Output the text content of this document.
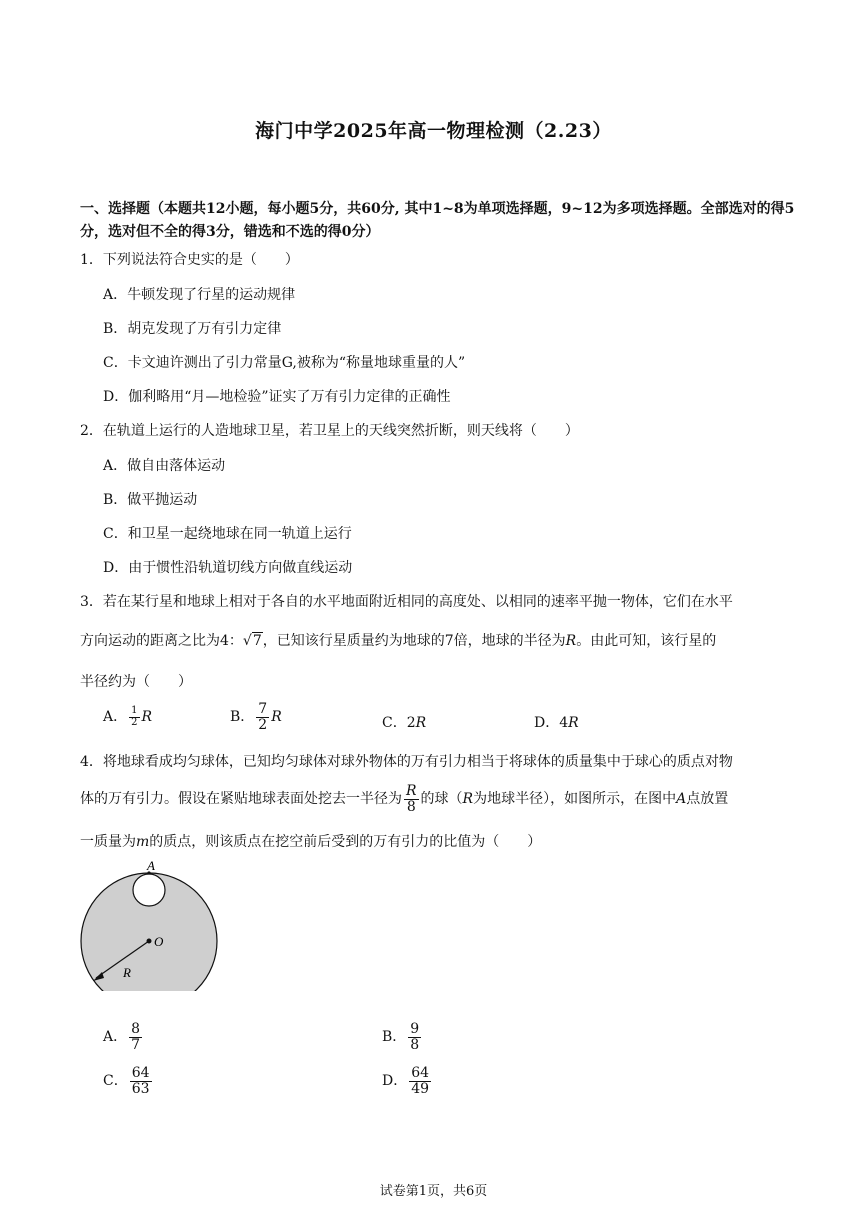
海门中学2025年高一物理检测（2.23）
一、选择题（本题共12小题，每小题5分，共60分, 其中1~8为单项选择题，9~12为多项选择题。全部选对的得5分，选对但不全的得3分，错选和不选的得0分）
1．下列说法符合史实的是（　　）
A．牛顿发现了行星的运动规律
B．胡克发现了万有引力定律
C．卡文迪许测出了引力常量G,被称为“称量地球重量的人”
D．伽利略用“月—地检验”证实了万有引力定律的正确性
2．在轨道上运行的人造地球卫星，若卫星上的天线突然折断，则天线将（　　）
A．做自由落体运动
B．做平抛运动
C．和卫星一起绕地球在同一轨道上运行
D．由于惯性沿轨道切线方向做直线运动
3．若在某行星和地球上相对于各自的水平地面附近相同的高度处、以相同的速率平抛一物体，它们在水平
方向运动的距离之比为4：√7，已知该行星质量约为地球的7倍，地球的半径为R。由此可知，该行星的
半径约为（　　）
A． $\frac{1}{2}$ R	B． $\frac{7}{2}$ R	C．2R	D．4R
4．将地球看成均匀球体，已知均匀球体对球外物体的万有引力相当于将球体的质量集中于球心的质点对物
体的万有引力。假设在紧贴地球表面处挖去一半径为 $\frac{R}{8}$ 的球（R为地球半径），如图所示，在图中A点放置
一质量为m的质点，则该质点在挖空前后受到的万有引力的比值为（　　）
A
O
R
A． $\frac{8}{7}$	B． $\frac{9}{8}$
C． $\frac{64}{63}$	D． $\frac{64}{49}$
试卷第1页，共6页
